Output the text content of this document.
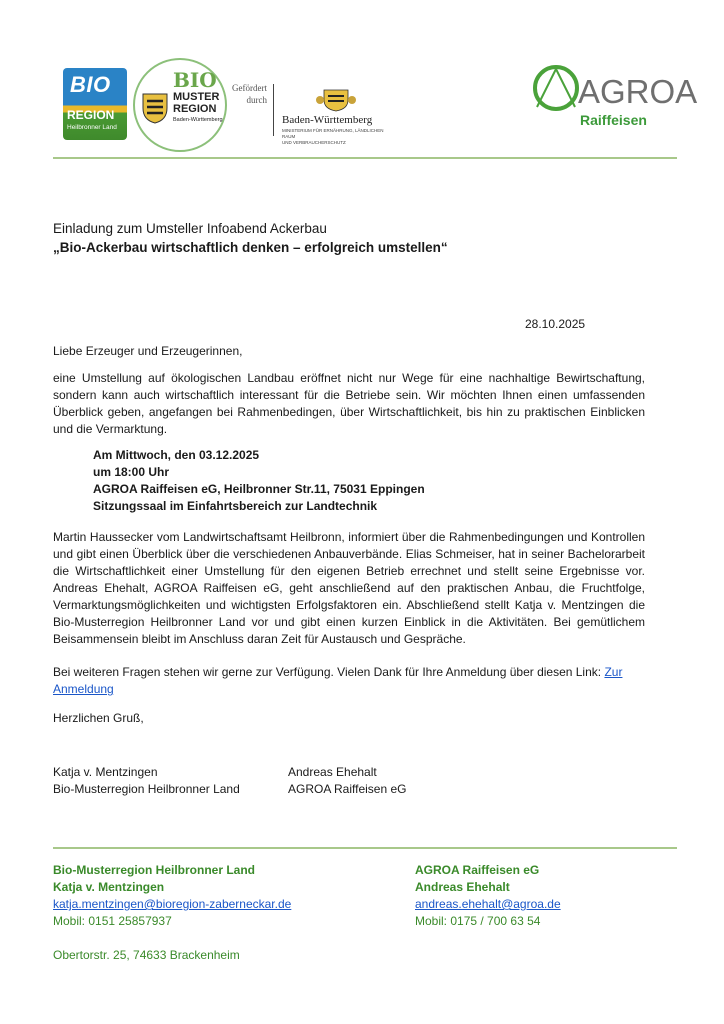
BIO
REGION
Heilbronner Land
BIO
MUSTER
REGION
Baden-Württemberg
Gefördert
durch
Baden-Württemberg
MINISTERIUM FÜR ERNÄHRUNG, LÄNDLICHEN RAUM
UND VERBRAUCHERSCHUTZ
AGROA
Raiffeisen
Einladung zum Umsteller Infoabend Ackerbau
„Bio-Ackerbau wirtschaftlich denken – erfolgreich umstellen“
28.10.2025
Liebe Erzeuger und Erzeugerinnen,
eine Umstellung auf ökologischen Landbau eröffnet nicht nur Wege für eine nachhaltige Bewirtschaftung, sondern kann auch wirtschaftlich interessant für die Betriebe sein. Wir möchten Ihnen einen umfassenden Überblick geben, angefangen bei Rahmenbedingen, über Wirtschaftlichkeit, bis hin zu praktischen Einblicken und die Vermarktung.
Am Mittwoch, den 03.12.2025
um 18:00 Uhr
AGROA Raiffeisen eG, Heilbronner Str.11, 75031 Eppingen
Sitzungssaal im Einfahrtsbereich zur Landtechnik
Martin Haussecker vom Landwirtschaftsamt Heilbronn, informiert über die Rahmenbedingungen und Kontrollen und gibt einen Überblick über die verschiedenen Anbauverbände. Elias Schmeiser, hat in seiner Bachelorarbeit die Wirtschaftlichkeit einer Umstellung für den eigenen Betrieb errechnet und stellt seine Ergebnisse vor. Andreas Ehehalt, AGROA Raiffeisen eG, geht anschließend auf den praktischen Anbau, die Fruchtfolge, Vermarktungsmöglichkeiten und wichtigsten Erfolgsfaktoren ein. Abschließend stellt Katja v. Mentzingen die Bio-Musterregion Heilbronner Land vor und gibt einen kurzen Einblick in die Aktivitäten. Bei gemütlichem Beisammensein bleibt im Anschluss daran Zeit für Austausch und Gespräche.
Bei weiteren Fragen stehen wir gerne zur Verfügung. Vielen Dank für Ihre Anmeldung über diesen Link: Zur Anmeldung
Herzlichen Gruß,
Katja v. Mentzingen
Bio-Musterregion Heilbronner Land
Andreas Ehehalt
AGROA Raiffeisen eG
Bio-Musterregion Heilbronner Land
Katja v. Mentzingen
katja.mentzingen@bioregion-zaberneckar.de
Mobil: 0151 25857937
Obertorstr. 25, 74633 Brackenheim
AGROA Raiffeisen eG
Andreas Ehehalt
andreas.ehehalt@agroa.de
Mobil: 0175 / 700 63 54
